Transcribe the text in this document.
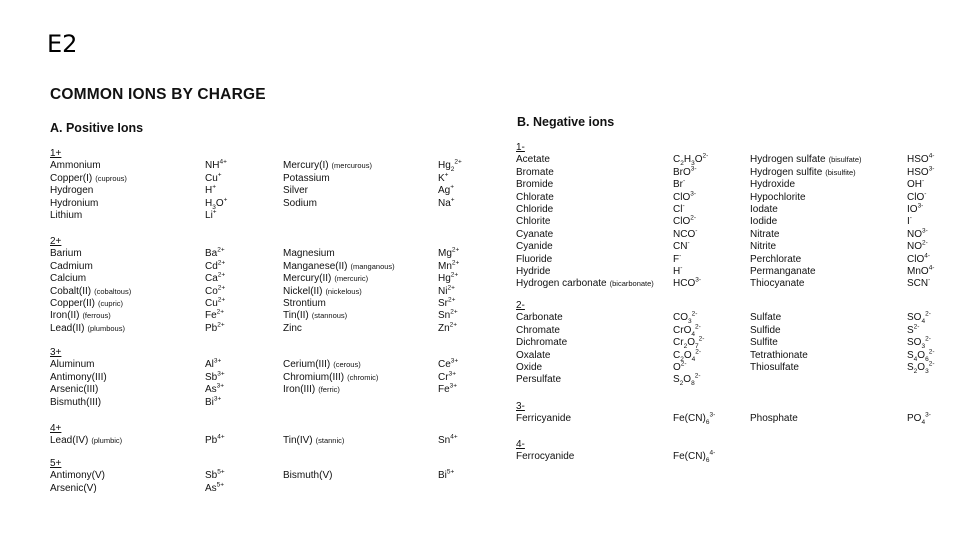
E2
COMMON IONS BY CHARGE
A. Positive Ions	B. Negative ions
1+
Ammonium	$NH^{4+}$	Mercury(I) (mercurous)	$Hg_2^{2+}$
Copper(I) (cuprous)	Cu+	Potassium	K+
Hydrogen	H+	Silver	Ag+
Hydronium	$H_3O^+$	Sodium	Na+
Lithium	Li+
2+
Barium	$Ba^{2+}$	Magnesium	$Mg^{2+}$
Cadmium	$Cd^{2+}$	Manganese(II) (manganous)	$Mn^{2+}$
Calcium	$Ca^{2+}$	Mercury(II) (mercuric)	$Hg^{2+}$
Cobalt(II) (cobaltous)	$Co^{2+}$	Nickel(II) (nickelous)	$Ni^{2+}$
Copper(II) (cupric)	$Cu^{2+}$	Strontium	$Sr^{2+}$
Iron(II) (ferrous)	$Fe^{2+}$	Tin(II) (stannous)	$Sn^{2+}$
Lead(II) (plumbous)	$Pb^{2+}$	Zinc	$Zn^{2+}$
3+
Aluminum	$Al^{3+}$	Cerium(III) (cerous)	$Ce^{3+}$
Antimony(III)	$Sb^{3+}$	Chromium(III) (chromic)	$Cr^{3+}$
Arsenic(III)	$As^{3+}$	Iron(III) (ferric)	$Fe^{3+}$
Bismuth(III)	$Bi^{3+}$
4+
Lead(IV) (plumbic)	$Pb^{4+}$	Tin(IV) (stannic)	$Sn^{4+}$
5+
Antimony(V)	$Sb^{5+}$	Bismuth(V)	$Bi^{5+}$
Arsenic(V)	$As^{5+}$
1-
Acetate	$C_2H_3O^{2-}$	Hydrogen sulfate (bisulfate)	$HSO^{4-}$
Bromate	BrO$^{3-}$	Hydrogen sulfite (bisulfite)	$HSO^{3-}$
Bromide	Br-	Hydroxide	OH-
Chlorate	ClO$^{3-}$	Hypochlorite	ClO-
Chloride	Cl-	Iodate	$IO^{3-}$
Chlorite	ClO$^{2-}$	Iodide	I-
Cyanate	NCO-	Nitrate	$NO^{3-}$
Cyanide	CN-	Nitrite	$NO^{2-}$
Fluoride	F-	Perchlorate	ClO$^{4-}$
Hydride	H-	Permanganate	MnO$^{4-}$
Hydrogen carbonate (bicarbonate) $HCO^{3-}$	Thiocyanate	SCN-
2-
Carbonate	$CO_3^{2-}$	Sulfate	$SO_4^{2-}$
Chromate	CrO$_4^{2-}$	Sulfide	$S^{2-}$
Dichromate	$Cr_2O_7^{2-}$	Sulfite	$SO_3^{2-}$
Oxalate	$C_2O_4^{2-}$	Tetrathionate	$S_4O_6^{2-}$
Oxide	$O^{2-}$	Thiosulfate	$S_2O_3^{2-}$
Persulfate	$S_2O_8^{2-}$
3-
Ferricyanide	$Fe(CN)_6^{3-}$	Phosphate	$PO_4^{3-}$
4-
Ferrocyanide	$Fe(CN)_6^{4-}$
